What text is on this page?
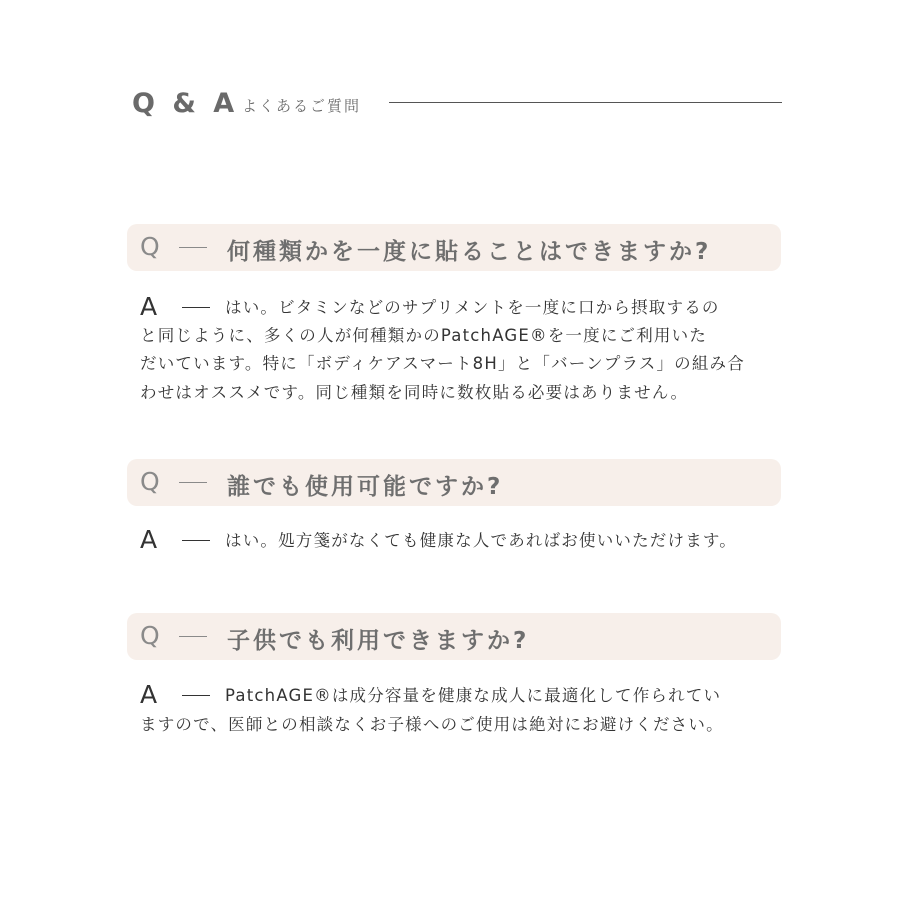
Q & A よくあるご質問
Q	何種類かを一度に貼ることはできますか?
A	はい。ビタミンなどのサプリメントを一度に口から摂取するの
と同じように、多くの人が何種類かのPatchAGE®を一度にご利用いた
だいています。特に「ボディケアスマート8H」と「バーンプラス」の組み合
わせはオススメです。同じ種類を同時に数枚貼る必要はありません。
Q	誰でも使用可能ですか?
A	はい。処方箋がなくても健康な人であればお使いいただけます。
Q	子供でも利用できますか?
A	PatchAGE®は成分容量を健康な成人に最適化して作られてい
ますので、医師との相談なくお子様へのご使用は絶対にお避けください。
